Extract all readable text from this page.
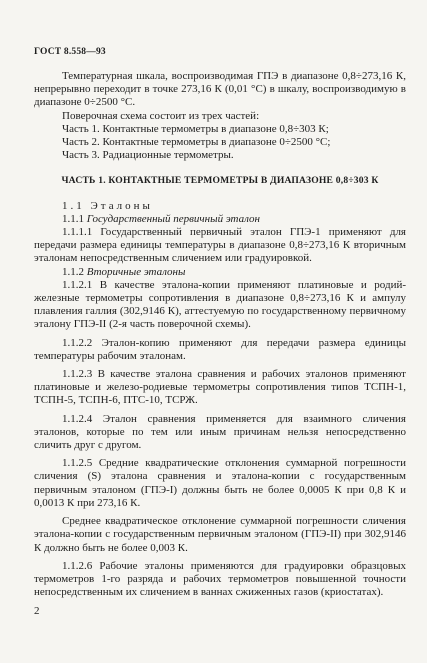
ГОСТ 8.558—93

Температурная шкала, воспроизводимая ГПЭ в диапазоне 0,8÷273,16 К, непрерывно переходит в точке 273,16 К (0,01 °С) в шкалу, воспроизводимую в диапазоне 0÷2500 °С.

Поверочная схема состоит из трех частей:

Часть 1. Контактные термометры в диапазоне 0,8÷303 К;

Часть 2. Контактные термометры в диапазоне 0÷2500 °С;

Часть 3. Радиационные термометры.

ЧАСТЬ 1. КОНТАКТНЫЕ ТЕРМОМЕТРЫ В ДИАПАЗОНЕ 0,8÷303 К

1.1 Эталоны

1.1.1 Государственный первичный эталон

1.1.1.1 Государственный первичный эталон ГПЭ-1 применяют для передачи размера единицы температуры в диапазоне 0,8÷273,16 К вторичным эталонам непосредственным сличением или градуировкой.

1.1.2 Вторичные эталоны

1.1.2.1 В качестве эталона-копии применяют платиновые и родий-железные термометры сопротивления в диапазоне 0,8÷273,16 К и ампулу плавления галлия (302,9146 К), аттестуемую по государственному первичному эталону ГПЭ-II (2-я часть поверочной схемы).

1.1.2.2 Эталон-копию применяют для передачи размера единицы температуры рабочим эталонам.

1.1.2.3 В качестве эталона сравнения и рабочих эталонов применяют платиновые и железо-родиевые термометры сопротивления типов ТСПН-1, ТСПН-5, ТСПН-6, ПТС-10, ТСРЖ.

1.1.2.4 Эталон сравнения применяется для взаимного сличения эталонов, которые по тем или иным причинам нельзя непосредственно сличить друг с другом.

1.1.2.5 Средние квадратические отклонения суммарной погрешности сличения (S) эталона сравнения и эталона-копии с государственным первичным эталоном (ГПЭ-I) должны быть не более 0,0005 К при 0,8 К и 0,0013 К при 273,16 К.

Среднее квадратическое отклонение суммарной погрешности сличения эталона-копии с государственным первичным эталоном (ГПЭ-II) при 302,9146 К должно быть не более 0,003 К.

1.1.2.6 Рабочие эталоны применяются для градуировки образцовых термометров 1-го разряда и рабочих термометров повышенной точности непосредственным их сличением в ваннах сжиженных газов (криостатах).

2
